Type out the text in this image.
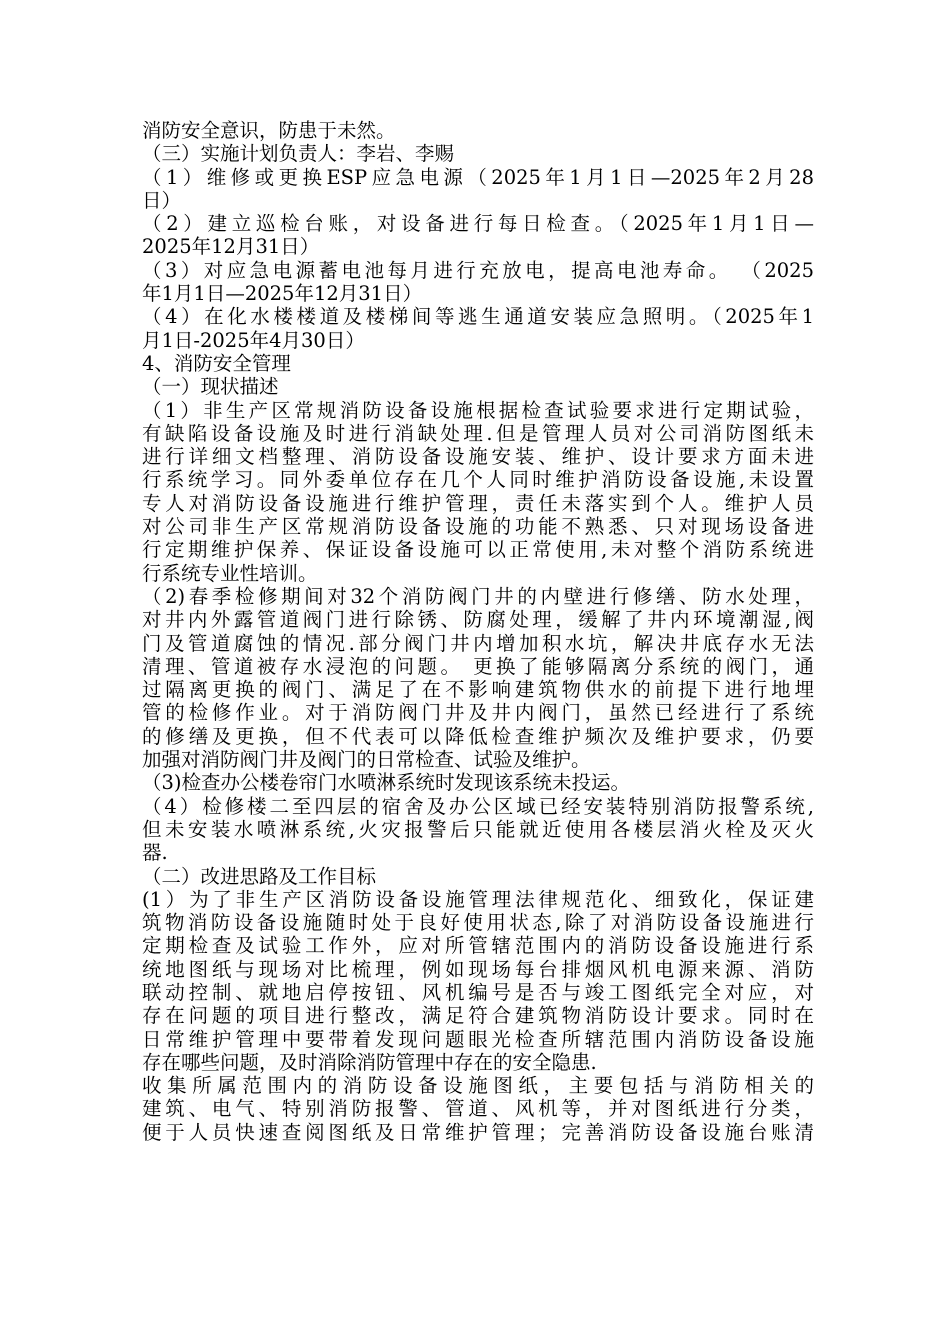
消防安全意识，防患于未然。
（三）实施计划负责人：李岩、李赐
（1）维修或更换ESP应急电源（2025年1月1日—2025年2月28
日）
（2）建立巡检台账，对设备进行每日检查。（2025年1月1日—
2025年12月31日）
（3）对应急电源蓄电池每月进行充放电，提高电池寿命。 （2025
年1月1日—2025年12月31日）
（4）在化水楼楼道及楼梯间等逃生通道安装应急照明。（2025年1
月1日-2025年4月30日）
4、消防安全管理
（一）现状描述
（1）非生产区常规消防设备设施根据检查试验要求进行定期试验，
有缺陷设备设施及时进行消缺处理.但是管理人员对公司消防图纸未
进行详细文档整理、消防设备设施安装、维护、设计要求方面未进
行系统学习。同外委单位存在几个人同时维护消防设备设施,未设置
专人对消防设备设施进行维护管理，责任未落实到个人。维护人员
对公司非生产区常规消防设备设施的功能不熟悉、只对现场设备进
行定期维护保养、保证设备设施可以正常使用,未对整个消防系统进
行系统专业性培训。
（2)春季检修期间对32个消防阀门井的内壁进行修缮、防水处理，
对井内外露管道阀门进行除锈、防腐处理，缓解了井内环境潮湿,阀
门及管道腐蚀的情况.部分阀门井内增加积水坑，解决井底存水无法
清理、管道被存水浸泡的问题。 更换了能够隔离分系统的阀门，通
过隔离更换的阀门、满足了在不影响建筑物供水的前提下进行地埋
管的检修作业。对于消防阀门井及井内阀门，虽然已经进行了系统
的修缮及更换，但不代表可以降低检查维护频次及维护要求，仍要
加强对消防阀门井及阀门的日常检查、试验及维护。
（3)检查办公楼卷帘门水喷淋系统时发现该系统未投运。
（4）检修楼二至四层的宿舍及办公区域已经安装特别消防报警系统,
但未安装水喷淋系统,火灾报警后只能就近使用各楼层消火栓及灭火
器.
（二）改进思路及工作目标
(1）为了非生产区消防设备设施管理法律规范化、细致化，保证建
筑物消防设备设施随时处于良好使用状态,除了对消防设备设施进行
定期检查及试验工作外，应对所管辖范围内的消防设备设施进行系
统地图纸与现场对比梳理，例如现场每台排烟风机电源来源、消防
联动控制、就地启停按钮、风机编号是否与竣工图纸完全对应，对
存在问题的项目进行整改，满足符合建筑物消防设计要求。同时在
日常维护管理中要带着发现问题眼光检查所辖范围内消防设备设施
存在哪些问题，及时消除消防管理中存在的安全隐患.
收集所属范围内的消防设备设施图纸，主要包括与消防相关的
建筑、电气、特别消防报警、管道、风机等，并对图纸进行分类，
便于人员快速查阅图纸及日常维护管理；完善消防设备设施台账清
